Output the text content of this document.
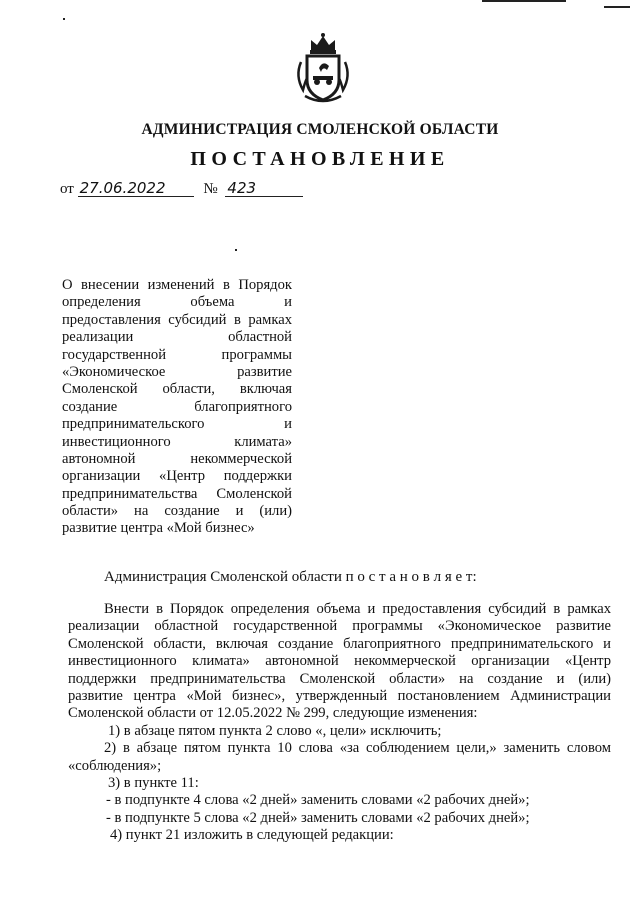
АДМИНИСТРАЦИЯ СМОЛЕНСКОЙ ОБЛАСТИ
ПОСТАНОВЛЕНИЕ
от 27.06.2022	№ 423
О внесении изменений в Порядок
определения объема и
предоставления субсидий в рамках
реализации областной
государственной программы
«Экономическое развитие
Смоленской области, включая
создание благоприятного
предпринимательского и
инвестиционного климата»
автономной некоммерческой
организации «Центр поддержки
предпринимательства Смоленской
области» на создание и (или)
развитие центра «Мой бизнес»
Администрация Смоленской области п о с т а н о в л я е т:
Внести в Порядок определения объема и предоставления субсидий в рамках
реализации областной государственной программы «Экономическое развитие
Смоленской области, включая создание благоприятного предпринимательского и
инвестиционного климата» автономной некоммерческой организации «Центр
поддержки предпринимательства Смоленской области» на создание и (или)
развитие центра «Мой бизнес», утвержденный постановлением Администрации
Смоленской области от 12.05.2022 № 299, следующие изменения:
1) в абзаце пятом пункта 2 слово «, цели» исключить;
2) в абзаце пятом пункта 10 слова «за соблюдением цели,» заменить словом
«соблюдения»;
3) в пункте 11:
- в подпункте 4 слова «2 дней» заменить словами «2 рабочих дней»;
- в подпункте 5 слова «2 дней» заменить словами «2 рабочих дней»;
4) пункт 21 изложить в следующей редакции:
